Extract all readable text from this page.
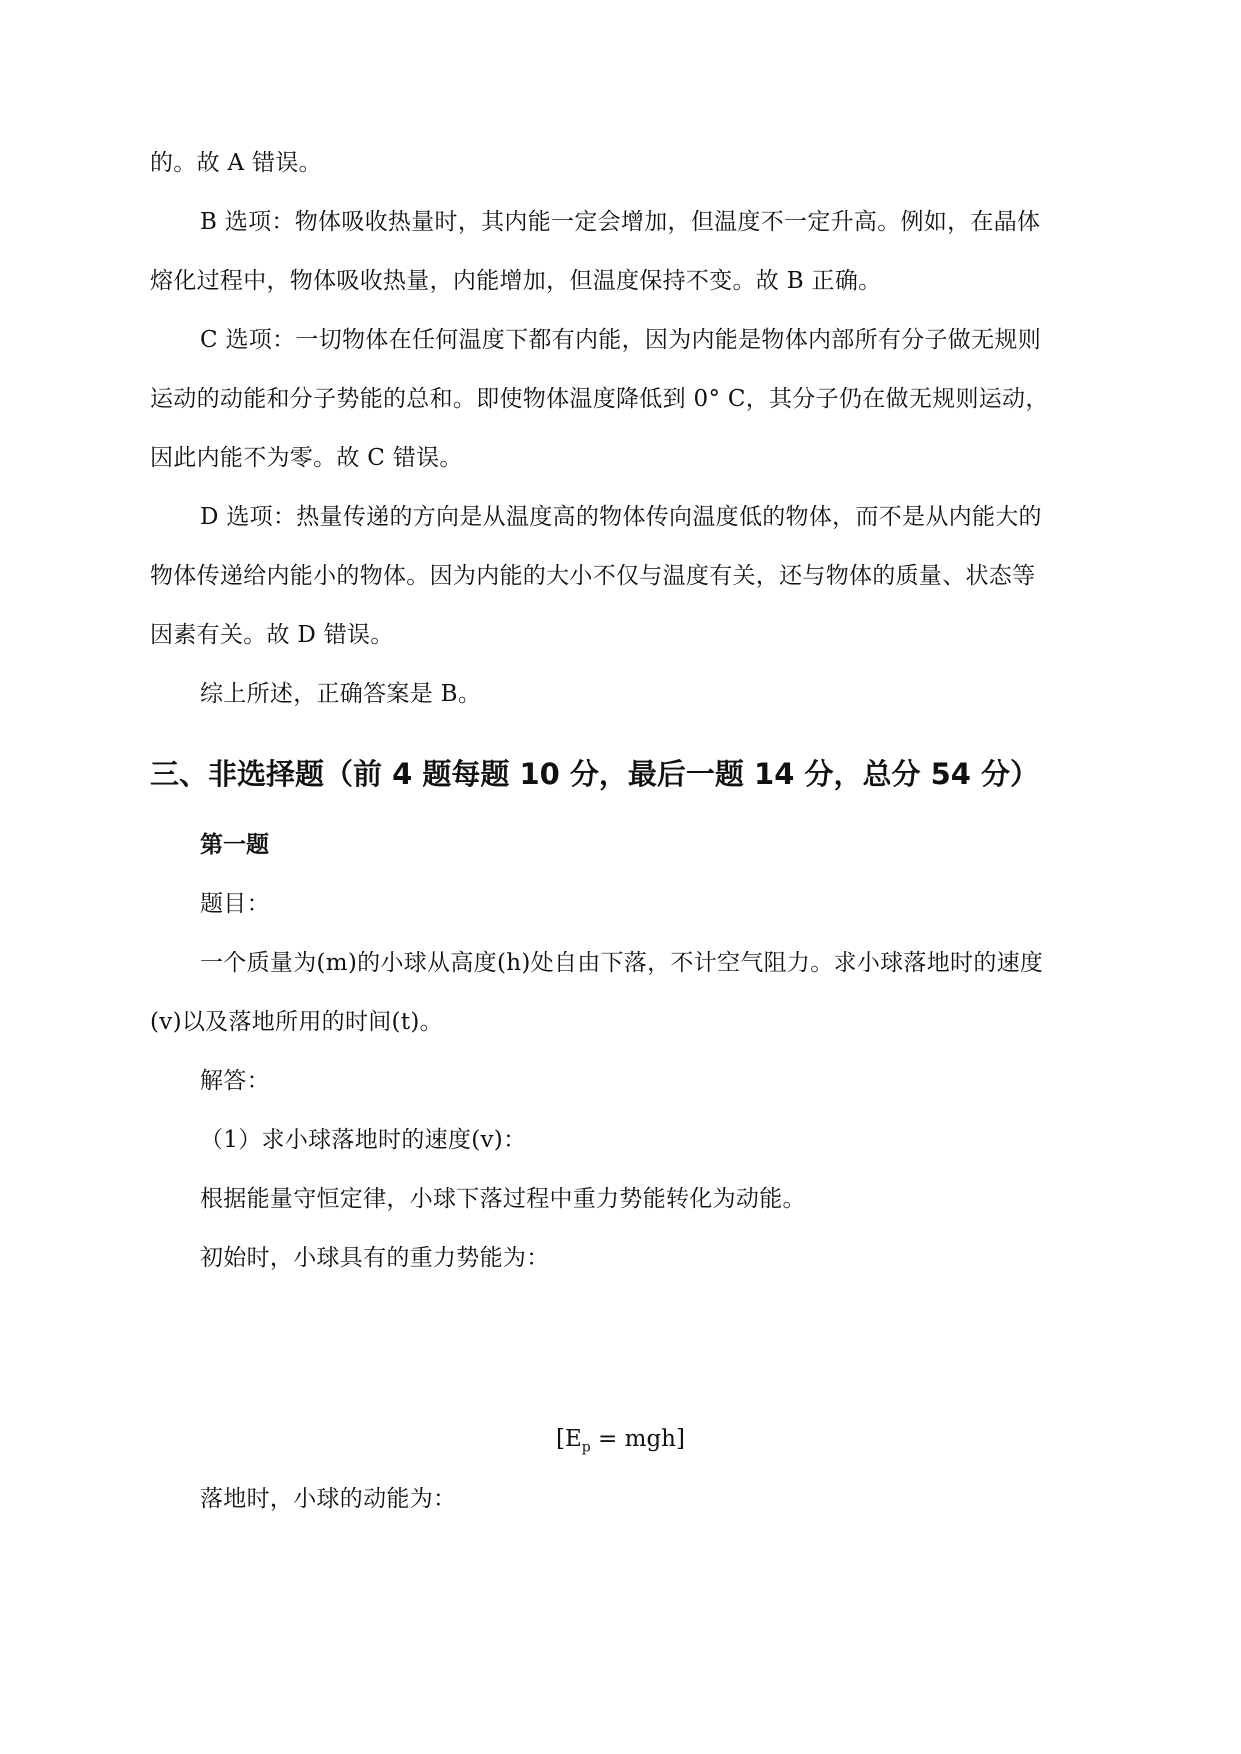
的。故 A 错误。
B 选项：物体吸收热量时，其内能一定会增加，但温度不一定升高。例如，在晶体
熔化过程中，物体吸收热量，内能增加，但温度保持不变。故 B 正确。
C 选项：一切物体在任何温度下都有内能，因为内能是物体内部所有分子做无规则
运动的动能和分子势能的总和。即使物体温度降低到 0° C，其分子仍在做无规则运动，
因此内能不为零。故 C 错误。
D 选项：热量传递的方向是从温度高的物体传向温度低的物体，而不是从内能大的
物体传递给内能小的物体。因为内能的大小不仅与温度有关，还与物体的质量、状态等
因素有关。故 D 错误。
综上所述，正确答案是 B。
三、非选择题（前 4 题每题 10 分，最后一题 14 分，总分 54 分）
第一题
题目：
一个质量为(m)的小球从高度(h)处自由下落，不计空气阻力。求小球落地时的速度
(v)以及落地所用的时间(t)。
解答：
（1）求小球落地时的速度(v)：
根据能量守恒定律，小球下落过程中重力势能转化为动能。
初始时，小球具有的重力势能为：
$[E_p = mgh]$
落地时，小球的动能为：
